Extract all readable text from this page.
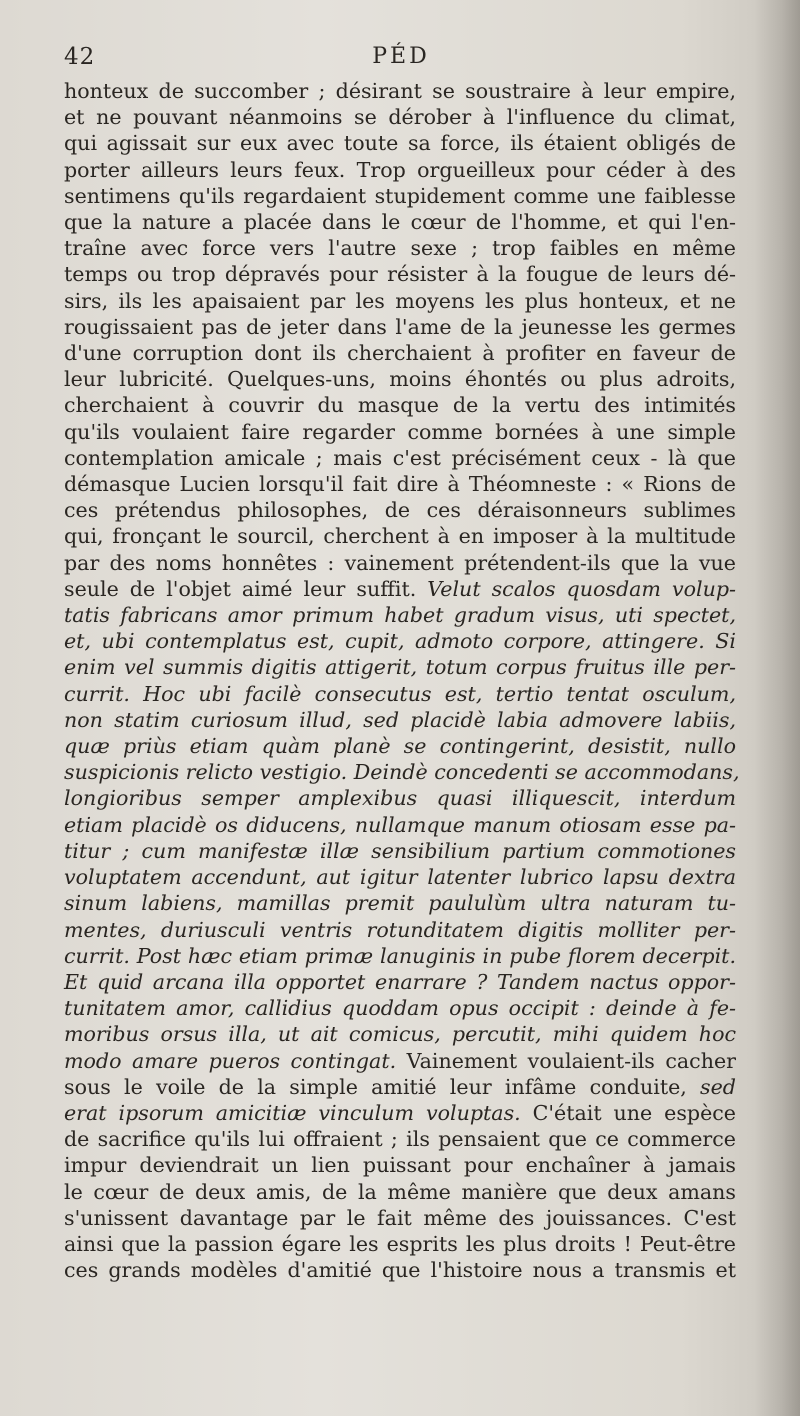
42	PÉD
honteux de succomber ; désirant se soustraire à leur empire,
et ne pouvant néanmoins se dérober à l'influence du climat,
qui agissait sur eux avec toute sa force, ils étaient obligés de
porter ailleurs leurs feux. Trop orgueilleux pour céder à des
sentimens qu'ils regardaient stupidement comme une faiblesse
que la nature a placée dans le cœur de l'homme, et qui l'en-
traîne avec force vers l'autre sexe ; trop faibles en même
temps ou trop dépravés pour résister à la fougue de leurs dé-
sirs, ils les apaisaient par les moyens les plus honteux, et ne
rougissaient pas de jeter dans l'ame de la jeunesse les germes
d'une corruption dont ils cherchaient à profiter en faveur de
leur lubricité. Quelques-uns, moins éhontés ou plus adroits,
cherchaient à couvrir du masque de la vertu des intimités
qu'ils voulaient faire regarder comme bornées à une simple
contemplation amicale ; mais c'est précisément ceux - là que
démasque Lucien lorsqu'il fait dire à Théomneste : « Rions de
ces prétendus philosophes, de ces déraisonneurs sublimes
qui, fronçant le sourcil, cherchent à en imposer à la multitude
par des noms honnêtes : vainement prétendent-ils que la vue
seule de l'objet aimé leur suffit. Velut scalos quosdam volup-
tatis fabricans amor primum habet gradum visus, uti spectet,
et, ubi contemplatus est, cupit, admoto corpore, attingere. Si
enim vel summis digitis attigerit, totum corpus fruitus ille per-
currit. Hoc ubi facilè consecutus est, tertio tentat osculum,
non statim curiosum illud, sed placidè labia admovere labiis,
quæ priùs etiam quàm planè se contingerint, desistit, nullo
suspicionis relicto vestigio. Deindè concedenti se accommodans,
longioribus semper amplexibus quasi illiquescit, interdum
etiam placidè os diducens, nullamque manum otiosam esse pa-
titur ; cum manifestæ illæ sensibilium partium commotiones
voluptatem accendunt, aut igitur latenter lubrico lapsu dextra
sinum labiens, mamillas premit paululùm ultra naturam tu-
mentes, duriusculi ventris rotunditatem digitis molliter per-
currit. Post hæc etiam primæ lanuginis in pube florem decerpit.
Et quid arcana illa opportet enarrare ? Tandem nactus oppor-
tunitatem amor, callidius quoddam opus occipit : deinde à fe-
moribus orsus illa, ut ait comicus, percutit, mihi quidem hoc
modo amare pueros contingat. Vainement voulaient-ils cacher
sous le voile de la simple amitié leur infâme conduite, sed
erat ipsorum amicitiæ vinculum voluptas. C'était une espèce
de sacrifice qu'ils lui offraient ; ils pensaient que ce commerce
impur deviendrait un lien puissant pour enchaîner à jamais
le cœur de deux amis, de la même manière que deux amans
s'unissent davantage par le fait même des jouissances. C'est
ainsi que la passion égare les esprits les plus droits ! Peut-être
ces grands modèles d'amitié que l'histoire nous a transmis et
